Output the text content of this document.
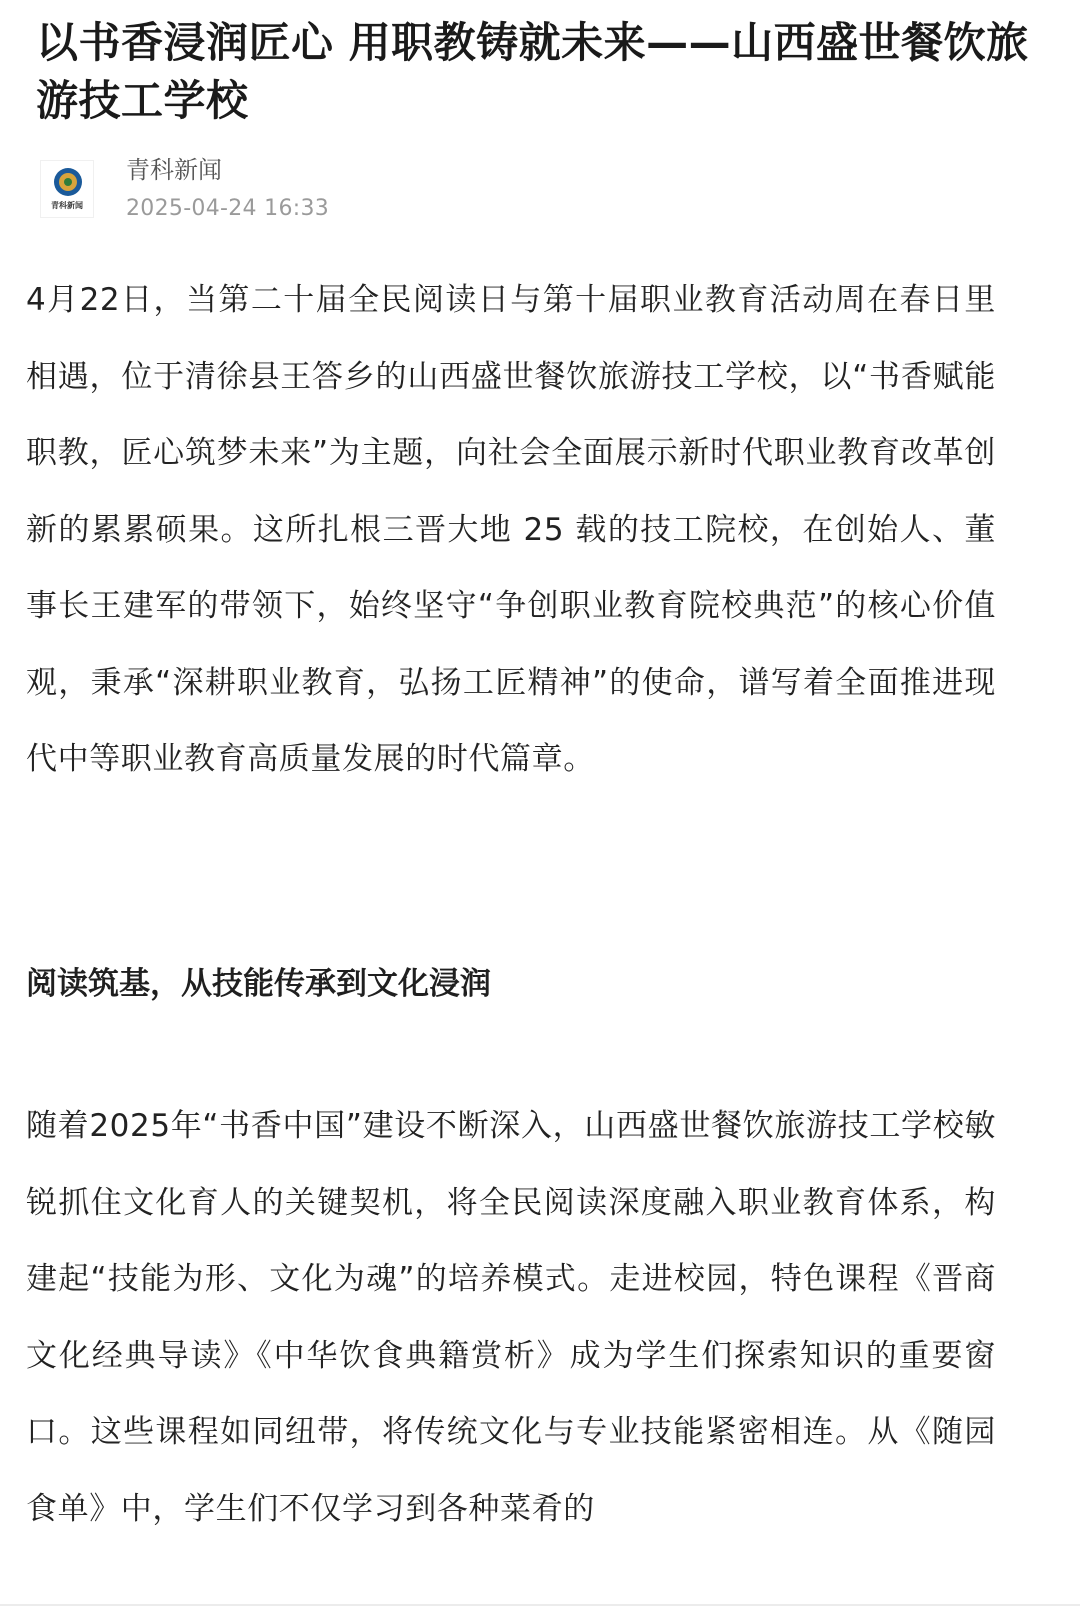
以书香浸润匠心 用职教铸就未来——山西盛世餐饮旅游技工学校
青科新闻
青科新闻
2025-04-24 16:33

4月22日，当第二十届全民阅读日与第十届职业教育活动周在春日里相遇，位于清徐县王答乡的山西盛世餐饮旅游技工学校，以“书香赋能职教，匠心筑梦未来”为主题，向社会全面展示新时代职业教育改革创新的累累硕果。这所扎根三晋大地 25 载的技工院校，在创始人、董事长王建军的带领下，始终坚守“争创职业教育院校典范”的核心价值观，秉承“深耕职业教育，弘扬工匠精神”的使命，谱写着全面推进现代中等职业教育高质量发展的时代篇章。

阅读筑基，从技能传承到文化浸润

随着2025年“书香中国”建设不断深入，山西盛世餐饮旅游技工学校敏锐抓住文化育人的关键契机，将全民阅读深度融入职业教育体系，构建起“技能为形、文化为魂”的培养模式。走进校园，特色课程《晋商文化经典导读》《中华饮食典籍赏析》成为学生们探索知识的重要窗口。这些课程如同纽带，将传统文化与专业技能紧密相连。从《随园食单》中，学生们不仅学习到各种菜肴的
